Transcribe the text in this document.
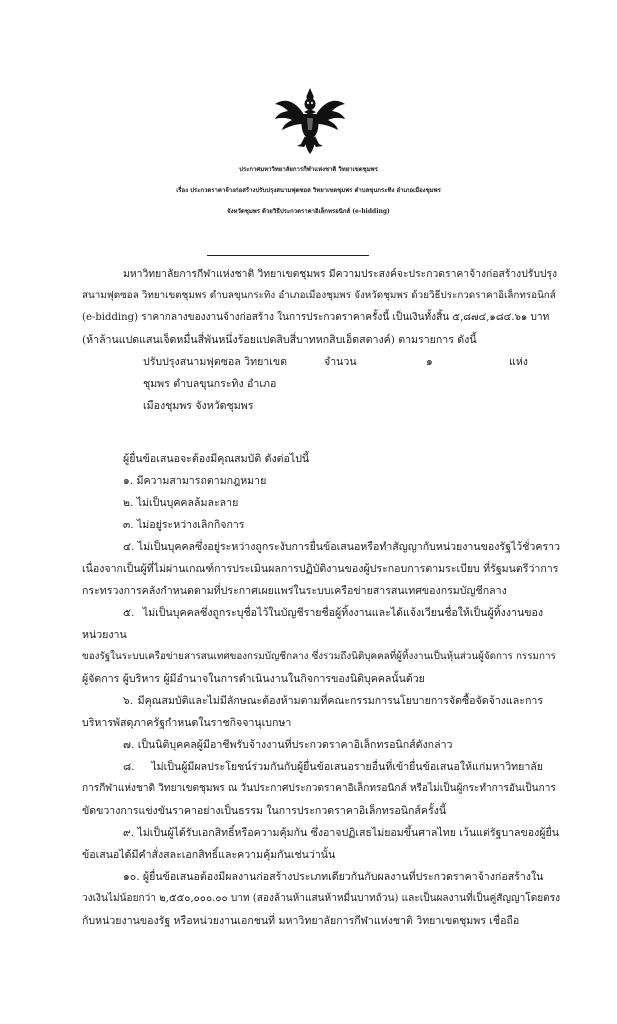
ประกาศมหาวิทยาลัยการกีฬาแห่งชาติ วิทยาเขตชุมพร
เรื่อง ประกวดราคาจ้างก่อสร้างปรับปรุงสนามฟุตซอล วิทยาเขตชุมพร ตำบลขุนกระทิง อำเภอเมืองชุมพร
จังหวัดชุมพร ด้วยวิธีประกวดราคาอิเล็กทรอนิกส์ (e-bidding)
มหาวิทยาลัยการกีฬาแห่งชาติ วิทยาเขตชุมพร มีความประสงค์จะประกวดราคาจ้างก่อสร้างปรับปรุง
สนามฟุตซอล วิทยาเขตชุมพร ตำบลขุนกระทิง อำเภอเมืองชุมพร จังหวัดชุมพร ด้วยวิธีประกวดราคาอิเล็กทรอนิกส์
(e-bidding) ราคากลางของงานจ้างก่อสร้าง ในการประกวดราคาครั้งนี้ เป็นเงินทั้งสิ้น ๕,๘๗๔,๑๘๔.๖๑ บาท
(ห้าล้านแปดแสนเจ็ดหมื่นสี่พันหนึ่งร้อยแปดสิบสี่บาทหกสิบเอ็ดสตางค์) ตามรายการ ดังนี้
ปรับปรุงสนามฟุตซอล วิทยาเขต	จำนวน	๑	แห่ง
ชุมพร ตำบลขุนกระทิง อำเภอ
เมืองชุมพร จังหวัดชุมพร
ผู้ยื่นข้อเสนอจะต้องมีคุณสมบัติ ดังต่อไปนี้
๑. มีความสามารถตามกฎหมาย
๒. ไม่เป็นบุคคลล้มละลาย
๓. ไม่อยู่ระหว่างเลิกกิจการ
๔. ไม่เป็นบุคคลซึ่งอยู่ระหว่างถูกระงับการยื่นข้อเสนอหรือทำสัญญากับหน่วยงานของรัฐไว้ชั่วคราว
เนื่องจากเป็นผู้ที่ไม่ผ่านเกณฑ์การประเมินผลการปฏิบัติงานของผู้ประกอบการตามระเบียบ ที่รัฐมนตรีว่าการ
กระทรวงการคลังกำหนดตามที่ประกาศเผยแพร่ในระบบเครือข่ายสารสนเทศของกรมบัญชีกลาง
๕. ไม่เป็นบุคคลซึ่งถูกระบุชื่อไว้ในบัญชีรายชื่อผู้ทิ้งงานและได้แจ้งเวียนชื่อให้เป็นผู้ทิ้งงานของ
หน่วยงาน
ของรัฐในระบบเครือข่ายสารสนเทศของกรมบัญชีกลาง ซึ่งรวมถึงนิติบุคคลที่ผู้ทิ้งงานเป็นหุ้นส่วนผู้จัดการ กรรมการ
ผู้จัดการ ผู้บริหาร ผู้มีอำนาจในการดำเนินงานในกิจการของนิติบุคคลนั้นด้วย
๖. มีคุณสมบัติและไม่มีลักษณะต้องห้ามตามที่คณะกรรมการนโยบายการจัดซื้อจัดจ้างและการ
บริหารพัสดุภาครัฐกำหนดในราชกิจจานุเบกษา
๗. เป็นนิติบุคคลผู้มีอาชีพรับจ้างงานที่ประกวดราคาอิเล็กทรอนิกส์ดังกล่าว
๘. ไม่เป็นผู้มีผลประโยชน์ร่วมกันกับผู้ยื่นข้อเสนอรายอื่นที่เข้ายื่นข้อเสนอให้แก่มหาวิทยาลัย
การกีฬาแห่งชาติ วิทยาเขตชุมพร ณ วันประกาศประกวดราคาอิเล็กทรอนิกส์ หรือไม่เป็นผู้กระทำการอันเป็นการ
ขัดขวางการแข่งขันราคาอย่างเป็นธรรม ในการประกวดราคาอิเล็กทรอนิกส์ครั้งนี้
๙. ไม่เป็นผู้ได้รับเอกสิทธิ์หรือความคุ้มกัน ซึ่งอาจปฏิเสธไม่ยอมขึ้นศาลไทย เว้นแต่รัฐบาลของผู้ยื่น
ข้อเสนอได้มีคำสั่งสละเอกสิทธิ์และความคุ้มกันเช่นว่านั้น
๑๐. ผู้ยื่นข้อเสนอต้องมีผลงานก่อสร้างประเภทเดียวกันกับผลงานที่ประกวดราคาจ้างก่อสร้างใน
วงเงินไม่น้อยกว่า ๒,๕๕๐,๐๐๐.๐๐ บาท (สองล้านห้าแสนห้าหมื่นบาทถ้วน) และเป็นผลงานที่เป็นคู่สัญญาโดยตรง
กับหน่วยงานของรัฐ หรือหน่วยงานเอกชนที่ มหาวิทยาลัยการกีฬาแห่งชาติ วิทยาเขตชุมพร เชื่อถือ
